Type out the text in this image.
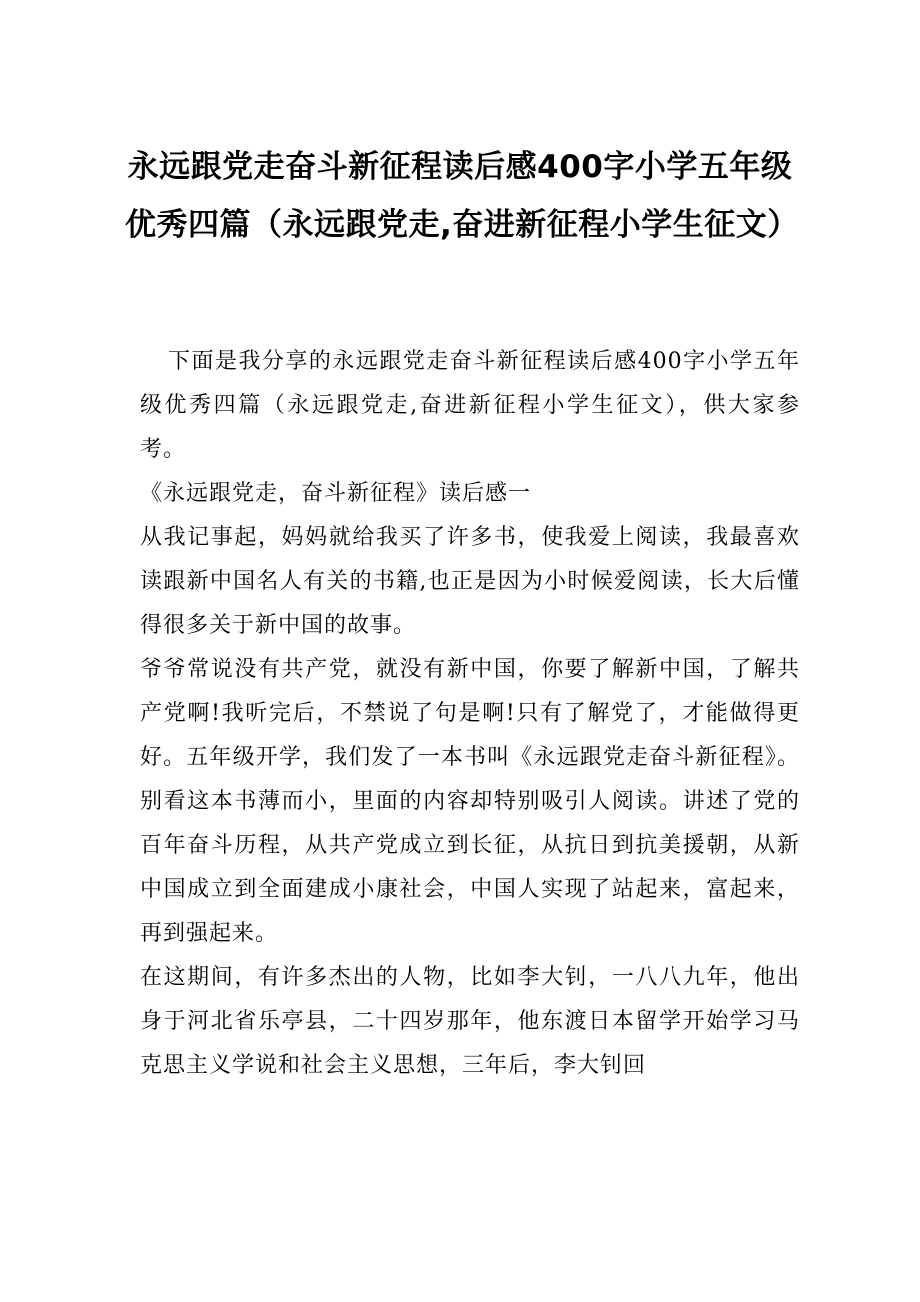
永远跟党走奋斗新征程读后感400字小学五年级优秀四篇（永远跟党走,奋进新征程小学生征文）

下面是我分享的永远跟党走奋斗新征程读后感400字小学五年级优秀四篇（永远跟党走,奋进新征程小学生征文），供大家参考。

《永远跟党走，奋斗新征程》读后感一

从我记事起，妈妈就给我买了许多书，使我爱上阅读，我最喜欢读跟新中国名人有关的书籍,也正是因为小时候爱阅读，长大后懂得很多关于新中国的故事。

爷爷常说没有共产党，就没有新中国，你要了解新中国，了解共产党啊!我听完后，不禁说了句是啊!只有了解党了，才能做得更好。五年级开学，我们发了一本书叫《永远跟党走奋斗新征程》。别看这本书薄而小，里面的内容却特别吸引人阅读。讲述了党的百年奋斗历程，从共产党成立到长征，从抗日到抗美援朝，从新中国成立到全面建成小康社会，中国人实现了站起来，富起来，再到强起来。

在这期间，有许多杰出的人物，比如李大钊，一八八九年，他出身于河北省乐亭县，二十四岁那年，他东渡日本留学开始学习马克思主义学说和社会主义思想，三年后，李大钊回
